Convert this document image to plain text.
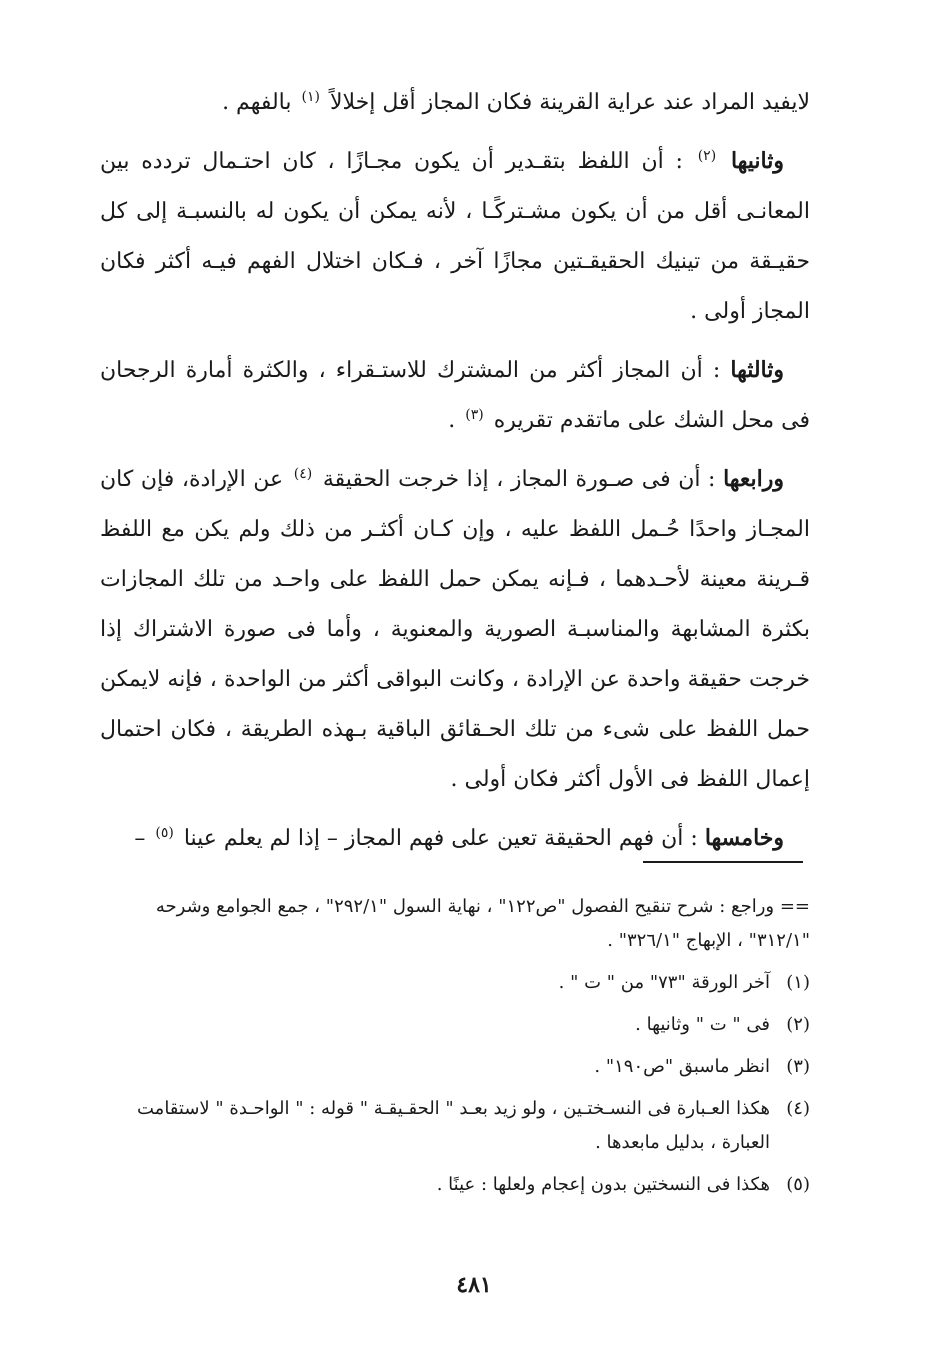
لايفيد المراد عند عراية القرينة فكان المجاز أقل إخلالاً $^{(١)}$ بالفهم .

وثانيها $^{(٢)}$ : أن اللفظ بتقـدير أن يكون مجـازًا ، كان احتـمال تردده بين المعانـى أقل من أن يكون مشـتركًـا ، لأنه يمكن أن يكون له بالنسبـة إلى كل حقيـقة من تينيك الحقيقـتين مجازًا آخر ، فـكان اختلال الفهم فيـه أكثر فكان المجاز أولى .

وثالثها : أن المجاز أكثر من المشترك للاستـقراء ، والكثرة أمارة الرجحان فى محل الشك على ماتقدم تقريره $^{(٣)}$ .

ورابعها : أن فى صـورة المجاز ، إذا خرجت الحقيقة $^{(٤)}$ عن الإرادة، فإن كان المجـاز واحدًا حُـمل اللفظ عليه ، وإن كـان أكثـر من ذلك ولم يكن مع اللفظ قـرينة معينة لأحـدهما ، فـإنه يمكن حمل اللفظ على واحـد من تلك المجازات بكثرة المشابهة والمناسبـة الصورية والمعنوية ، وأما فى صورة الاشتراك إذا خرجت حقيقة واحدة عن الإرادة ، وكانت البواقى أكثر من الواحدة ، فإنه لايمكن حمل اللفظ على شىء من تلك الحـقائق الباقية بـهذه الطريقة ، فكان احتمال إعمال اللفظ فى الأول أكثر فكان أولى .

وخامسها : أن فهم الحقيقة تعين على فهم المجاز – إذا لم يعلم عينا $^{(٥)}$ –

== وراجع : شرح تنقيح الفصول "ص١٢٢" ، نهاية السول "٢٩٢/١" ، جمع الجوامع وشرحه "٣١٢/١" ، الإبهاج "٣٢٦/١" .
(١)
آخر الورقة "٧٣" من " ت " .
(٢)
فى " ت " وثانيها .
(٣)
انظر ماسبق "ص١٩٠" .
(٤)
هكذا العـبارة فى النسـختـين ، ولو زيد بعـد " الحقـيقـة " قوله : " الواحـدة " لاستقامت العبارة ، بدليل مابعدها .
(٥)
هكذا فى النسختين بدون إعجام ولعلها : عينًا .
٤٨١
